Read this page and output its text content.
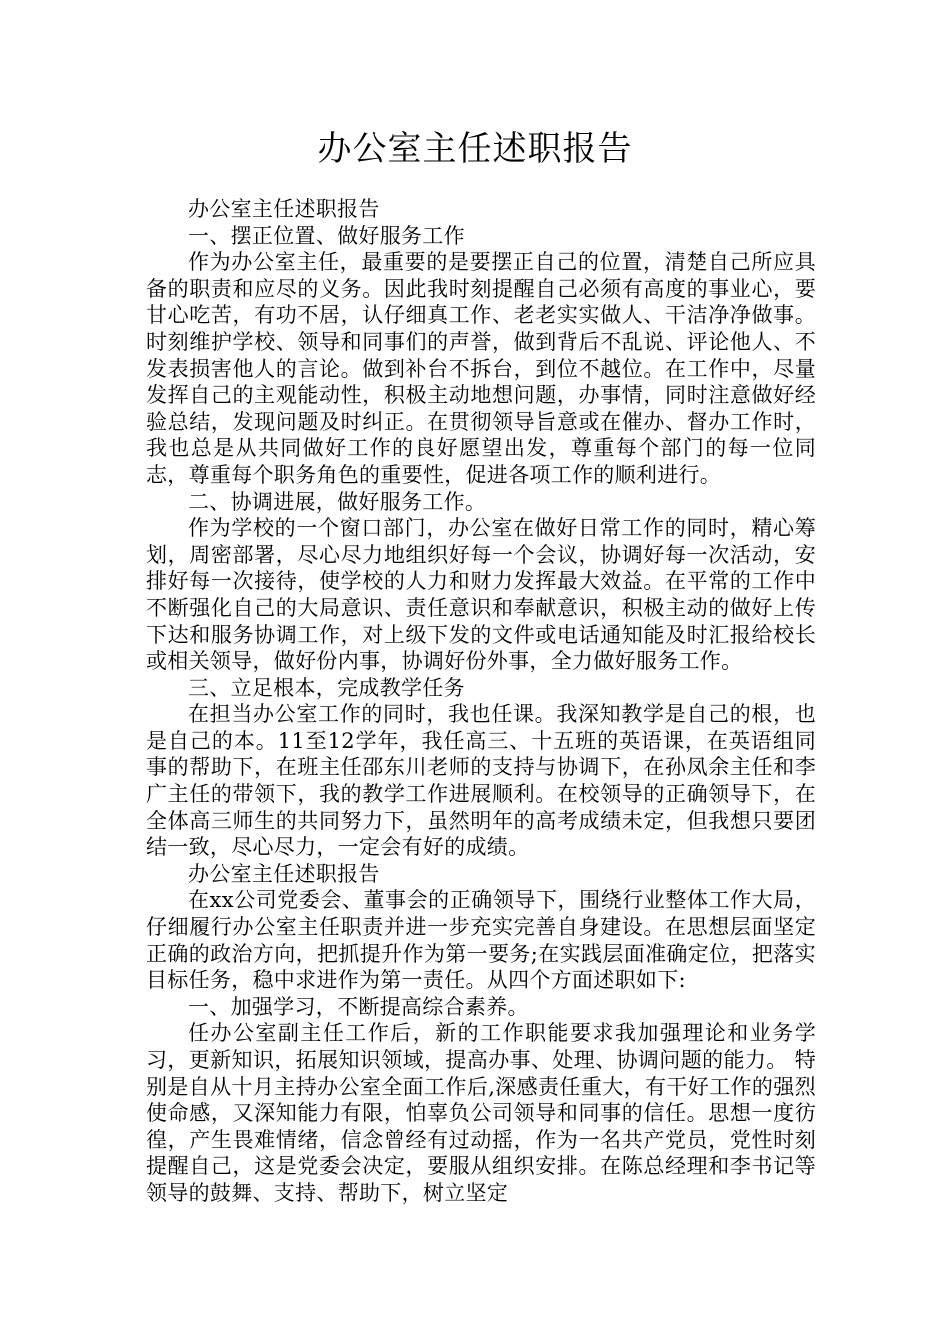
办公室主任述职报告

办公室主任述职报告

一、摆正位置、做好服务工作

作为办公室主任，最重要的是要摆正自己的位置，清楚自己所应具备的职责和应尽的义务。因此我时刻提醒自己必须有高度的事业心，要甘心吃苦，有功不居，认仔细真工作、老老实实做人、干洁净净做事。时刻维护学校、领导和同事们的声誉，做到背后不乱说、评论他人、不发表损害他人的言论。做到补台不拆台，到位不越位。在工作中，尽量发挥自己的主观能动性，积极主动地想问题，办事情，同时注意做好经验总结，发现问题及时纠正。在贯彻领导旨意或在催办、督办工作时，我也总是从共同做好工作的良好愿望出发，尊重每个部门的每一位同志，尊重每个职务角色的重要性，促进各项工作的顺利进行。

二、协调进展，做好服务工作。

作为学校的一个窗口部门，办公室在做好日常工作的同时，精心筹划，周密部署，尽心尽力地组织好每一个会议，协调好每一次活动，安排好每一次接待，使学校的人力和财力发挥最大效益。在平常的工作中不断强化自己的大局意识、责任意识和奉献意识，积极主动的做好上传下达和服务协调工作，对上级下发的文件或电话通知能及时汇报给校长或相关领导，做好份内事，协调好份外事，全力做好服务工作。

三、立足根本，完成教学任务

在担当办公室工作的同时，我也任课。我深知教学是自己的根，也是自己的本。11至12学年，我任高三、十五班的英语课，在英语组同事的帮助下，在班主任邵东川老师的支持与协调下，在孙凤余主任和李广主任的带领下，我的教学工作进展顺利。在校领导的正确领导下，在全体高三师生的共同努力下，虽然明年的高考成绩未定，但我想只要团结一致，尽心尽力，一定会有好的成绩。

办公室主任述职报告

在xx公司党委会、董事会的正确领导下，围绕行业整体工作大局，仔细履行办公室主任职责并进一步充实完善自身建设。在思想层面坚定正确的政治方向，把抓提升作为第一要务;在实践层面准确定位，把落实目标任务，稳中求进作为第一责任。从四个方面述职如下:

一、加强学习，不断提高综合素养。

任办公室副主任工作后，新的工作职能要求我加强理论和业务学习，更新知识，拓展知识领域，提高办事、处理、协调问题的能力。 特别是自从十月主持办公室全面工作后,深感责任重大，有干好工作的强烈使命感，又深知能力有限，怕辜负公司领导和同事的信任。思想一度彷徨，产生畏难情绪，信念曾经有过动摇，作为一名共产党员，党性时刻提醒自己，这是党委会决定，要服从组织安排。在陈总经理和李书记等领导的鼓舞、支持、帮助下，树立坚定
